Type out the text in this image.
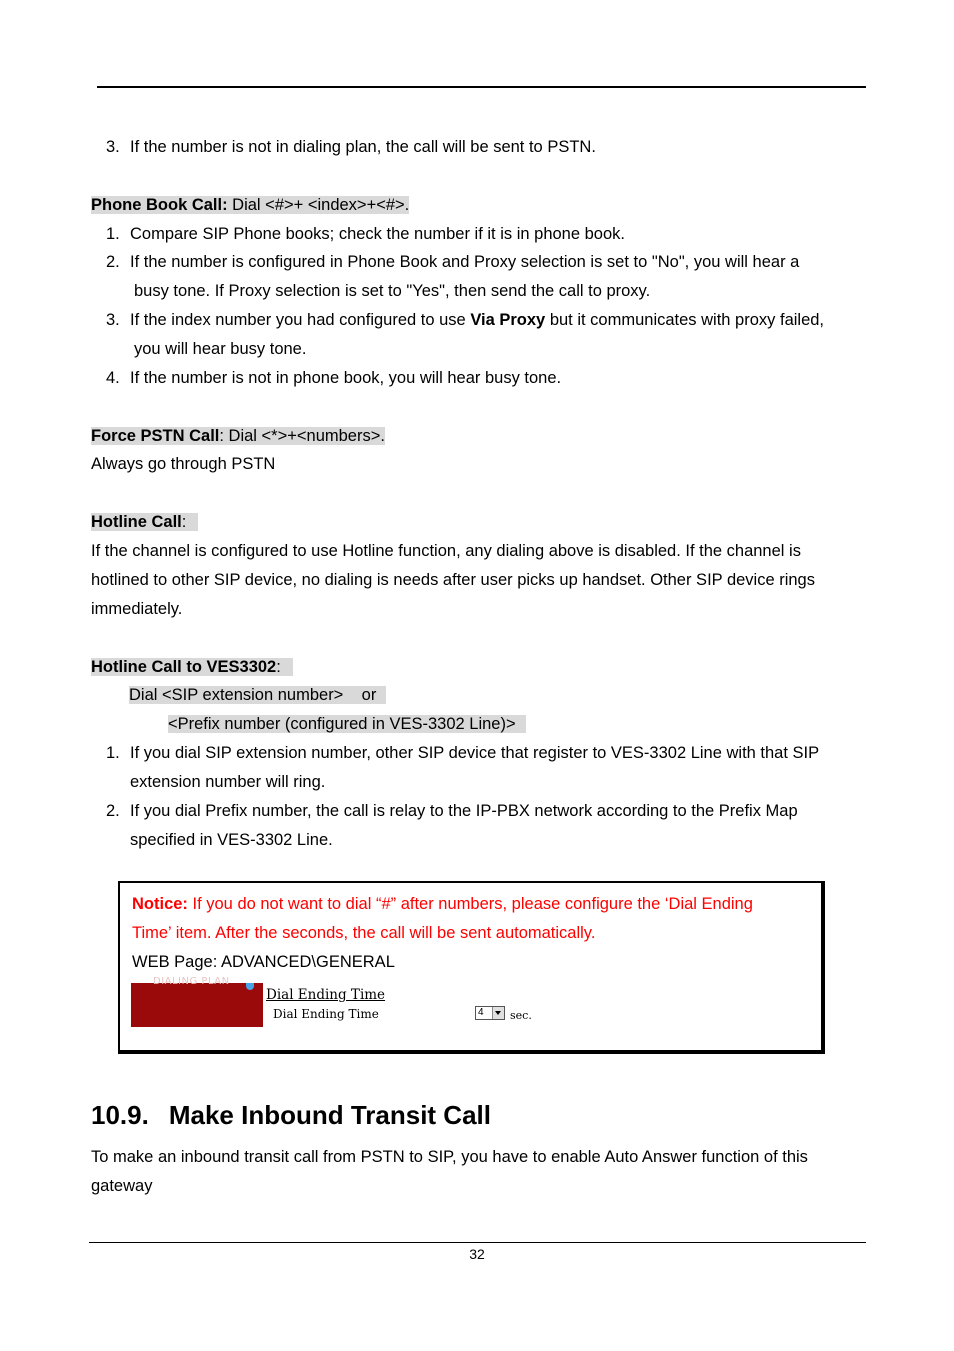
3. If the number is not in dialing plan, the call will be sent to PSTN.
Phone Book Call: Dial <#>+ <index>+<#>.
1. Compare SIP Phone books; check the number if it is in phone book.
2. If the number is configured in Phone Book and Proxy selection is set to "No", you will hear a
busy tone. If Proxy selection is set to "Yes", then send the call to proxy.
3. If the index number you had configured to use Via Proxy but it communicates with proxy failed,
you will hear busy tone.
4. If the number is not in phone book, you will hear busy tone.
Force PSTN Call: Dial <*>+<numbers>.
Always go through PSTN
Hotline Call:
If the channel is configured to use Hotline function, any dialing above is disabled. If the channel is
hotlined to other SIP device, no dialing is needs after user picks up handset. Other SIP device rings
immediately.
Hotline Call to VES3302:
Dial <SIP extension number>    or
<Prefix number (configured in VES-3302 Line)>
1. If you dial SIP extension number, other SIP device that register to VES-3302 Line with that SIP
extension number will ring.
2. If you dial Prefix number, the call is relay to the IP-PBX network according to the Prefix Map
specified in VES-3302 Line.
Notice: If you do not want to dial “#” after numbers, please configure the ‘Dial Ending
Time’ item. After the seconds, the call will be sent automatically.
WEB Page: ADVANCED\GENERAL
DIALING PLAN
Dial Ending Time
Dial Ending Time	4 sec.
10.9. Make Inbound Transit Call
To make an inbound transit call from PSTN to SIP, you have to enable Auto Answer function of this
gateway
32
